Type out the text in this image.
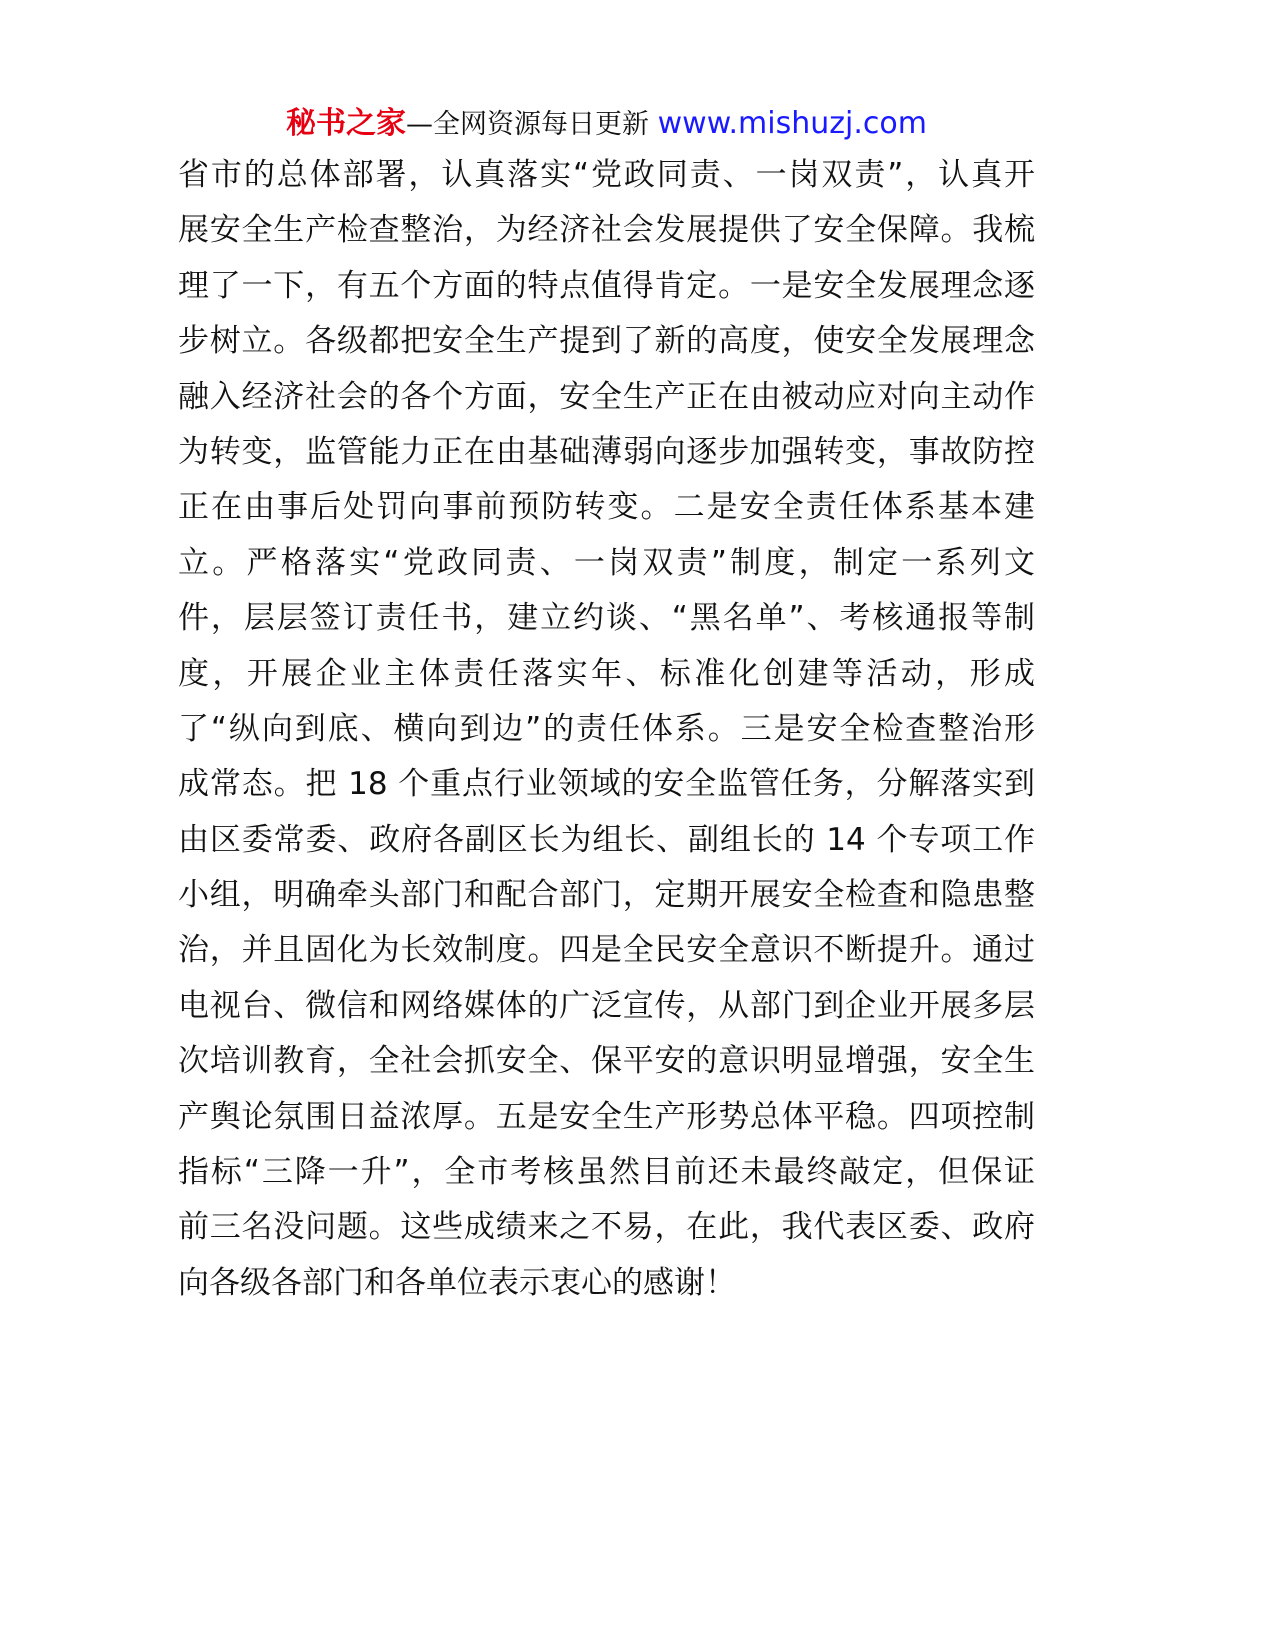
秘书之家—全网资源每日更新 www.mishuzj.com
省市的总体部署，认真落实“党政同责、一岗双责”，认真开
展安全生产检查整治，为经济社会发展提供了安全保障。我梳
理了一下，有五个方面的特点值得肯定。一是安全发展理念逐
步树立。各级都把安全生产提到了新的高度，使安全发展理念
融入经济社会的各个方面，安全生产正在由被动应对向主动作
为转变，监管能力正在由基础薄弱向逐步加强转变，事故防控
正在由事后处罚向事前预防转变。二是安全责任体系基本建
立。严格落实“党政同责、一岗双责”制度，制定一系列文
件，层层签订责任书，建立约谈、“黑名单”、考核通报等制
度，开展企业主体责任落实年、标准化创建等活动，形成
了“纵向到底、横向到边”的责任体系。三是安全检查整治形
成常态。把 18 个重点行业领域的安全监管任务，分解落实到
由区委常委、政府各副区长为组长、副组长的 14 个专项工作
小组，明确牵头部门和配合部门，定期开展安全检查和隐患整
治，并且固化为长效制度。四是全民安全意识不断提升。通过
电视台、微信和网络媒体的广泛宣传，从部门到企业开展多层
次培训教育，全社会抓安全、保平安的意识明显增强，安全生
产舆论氛围日益浓厚。五是安全生产形势总体平稳。四项控制
指标“三降一升”，全市考核虽然目前还未最终敲定，但保证
前三名没问题。这些成绩来之不易，在此，我代表区委、政府
向各级各部门和各单位表示衷心的感谢！
